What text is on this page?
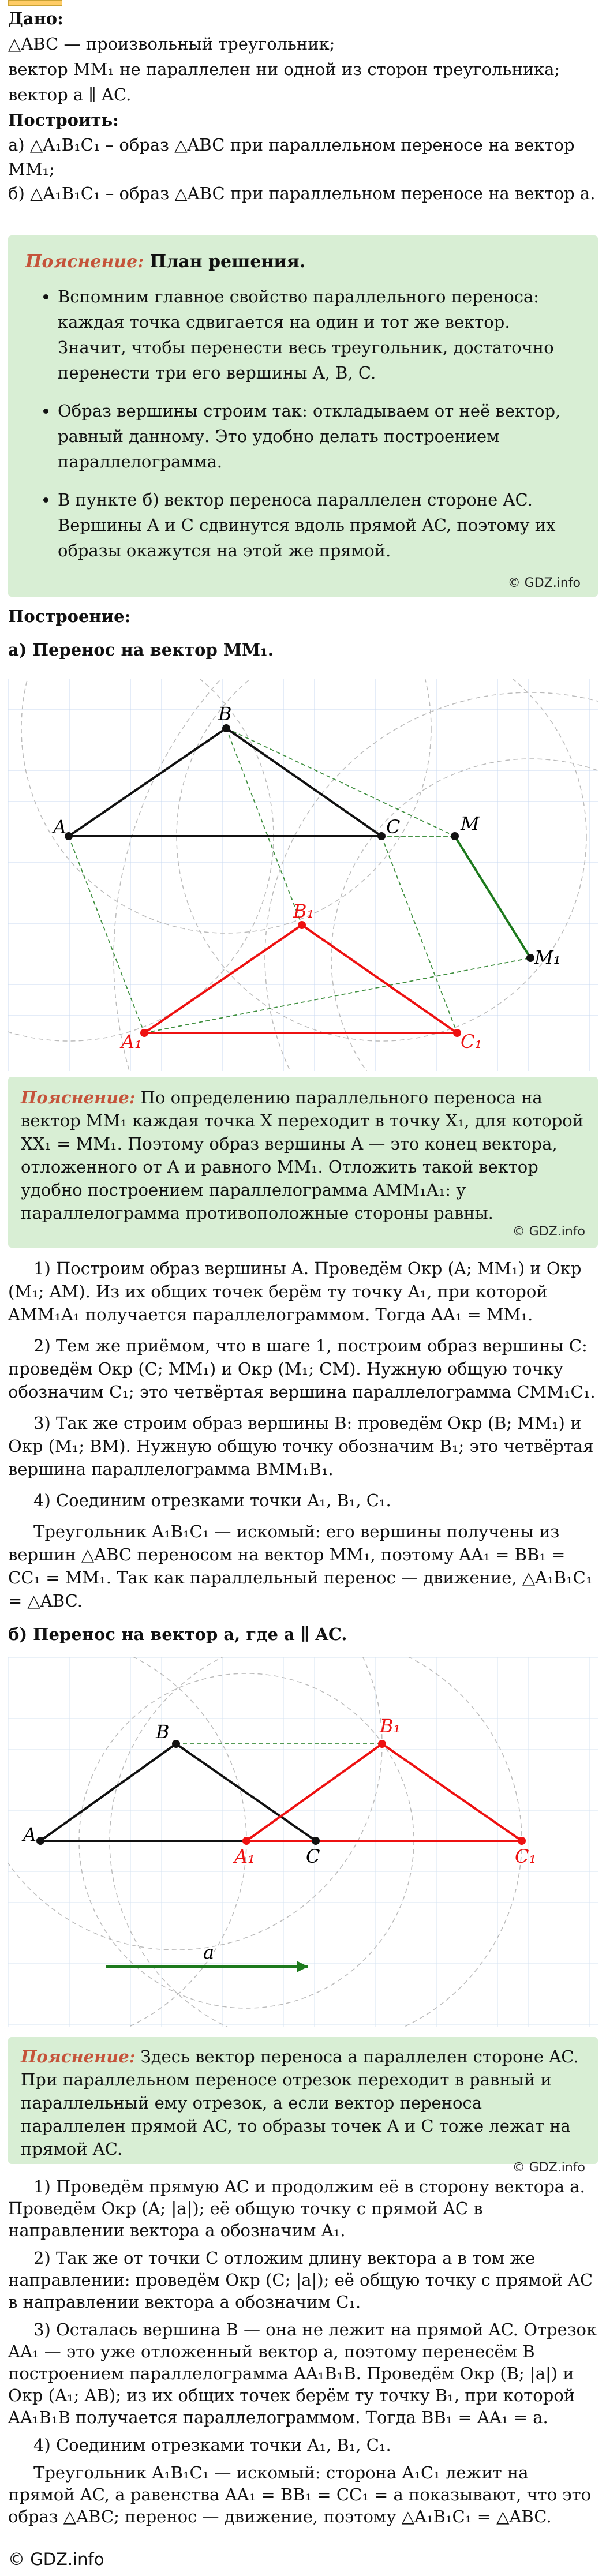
Дано:

△ABC — произвольный треугольник;

вектор MM₁ не параллелен ни одной из сторон треугольника;

вектор a ∥ AC.

Построить:

а) △A₁B₁C₁ – образ △ABC при параллельном переносе на вектор MM₁;

б) △A₁B₁C₁ – образ △ABC при параллельном переносе на вектор a.

Пояснение: План решения.
• Вспомним главное свойство параллельного переноса: каждая точка сдвигается на один и тот же вектор. Значит, чтобы перенести весь треугольник, достаточно перенести три его вершины A, B, C.
• Образ вершины строим так: откладываем от неё вектор, равный данному. Это удобно делать построением параллелограмма.
• В пункте б) вектор переноса параллелен стороне AC. Вершины A и C сдвинутся вдоль прямой AC, поэтому их образы окажутся на этой же прямой.
© GDZ.info

Построение:

а) Перенос на вектор MM₁.

A
B
C	M
M₁
A₁
B₁
C₁

Пояснение: По определению параллельного переноса на вектор MM₁ каждая точка X переходит в точку X₁, для которой XX₁ = MM₁. Поэтому образ вершины A — это конец вектора, отложенного от A и равного MM₁. Отложить такой вектор удобно построением параллелограмма AMM₁A₁: у параллелограмма противоположные стороны равны.

© GDZ.info

1) Построим образ вершины A. Проведём Окр (A; MM₁) и Окр (M₁; AM). Из их общих точек берём ту точку A₁, при которой AMM₁A₁ получается параллелограммом. Тогда AA₁ = MM₁.

2) Тем же приёмом, что в шаге 1, построим образ вершины C: проведём Окр (C; MM₁) и Окр (M₁; CM). Нужную общую точку обозначим C₁; это четвёртая вершина параллелограмма CMM₁C₁.

3) Так же строим образ вершины B: проведём Окр (B; MM₁) и Окр (M₁; BM). Нужную общую точку обозначим B₁; это четвёртая вершина параллелограмма BMM₁B₁.

4) Соединим отрезками точки A₁, B₁, C₁.

Треугольник A₁B₁C₁ — искомый: его вершины получены из вершин △ABC переносом на вектор MM₁, поэтому AA₁ = BB₁ = CC₁ = MM₁. Так как параллельный перенос — движение, △A₁B₁C₁ = △ABC.

б) Перенос на вектор a, где a ∥ AC.

a
A
B
C
A₁
B₁
C₁

Пояснение: Здесь вектор переноса a параллелен стороне AC. При параллельном переносе отрезок переходит в равный и параллельный ему отрезок, а если вектор переноса параллелен прямой AC, то образы точек A и C тоже лежат на прямой AC.

© GDZ.info

1) Проведём прямую AC и продолжим её в сторону вектора a. Проведём Окр (A; |a|); её общую точку с прямой AC в направлении вектора a обозначим A₁.

2) Так же от точки C отложим длину вектора a в том же направлении: проведём Окр (C; |a|); её общую точку с прямой AC в направлении вектора a обозначим C₁.

3) Осталась вершина B — она не лежит на прямой AC. Отрезок AA₁ — это уже отложенный вектор a, поэтому перенесём B построением параллелограмма AA₁B₁B. Проведём Окр (B; |a|) и Окр (A₁; AB); из их общих точек берём ту точку B₁, при которой AA₁B₁B получается параллелограммом. Тогда BB₁ = AA₁ = a.

4) Соединим отрезками точки A₁, B₁, C₁.

Треугольник A₁B₁C₁ — искомый: сторона A₁C₁ лежит на прямой AC, а равенства AA₁ = BB₁ = CC₁ = a показывают, что это образ △ABC; перенос — движение, поэтому △A₁B₁C₁ = △ABC.

© GDZ.info
